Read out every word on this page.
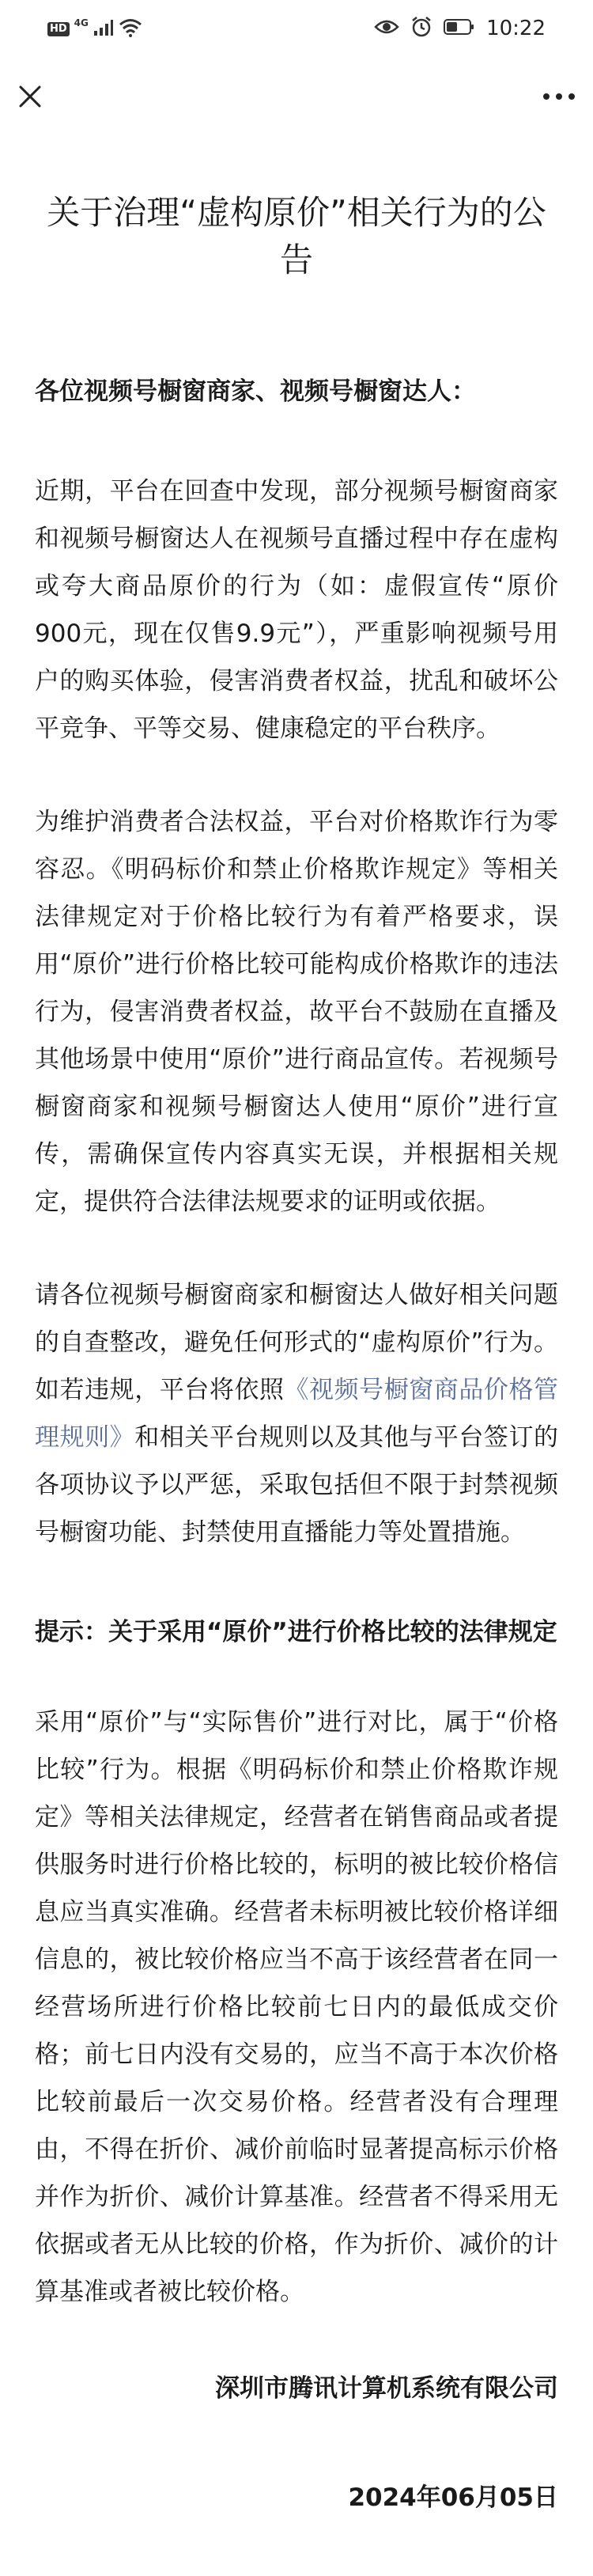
HD 4G	10:22
关于治理“虚构原价”相关行为的公告

各位视频号橱窗商家、视频号橱窗达人：

近期，平台在回查中发现，部分视频号橱窗商家和视频号橱窗达人在视频号直播过程中存在虚构或夸大商品原价的行为（如：虚假宣传“原价900元，现在仅售9.9元”），严重影响视频号用户的购买体验，侵害消费者权益，扰乱和破坏公平竞争、平等交易、健康稳定的平台秩序。

为维护消费者合法权益，平台对价格欺诈行为零容忍。《明码标价和禁止价格欺诈规定》等相关法律规定对于价格比较行为有着严格要求，误用“原价”进行价格比较可能构成价格欺诈的违法行为，侵害消费者权益，故平台不鼓励在直播及其他场景中使用“原价”进行商品宣传。若视频号橱窗商家和视频号橱窗达人使用“原价”进行宣传，需确保宣传内容真实无误，并根据相关规定，提供符合法律法规要求的证明或依据。

请各位视频号橱窗商家和橱窗达人做好相关问题的自查整改，避免任何形式的“虚构原价”行为。如若违规，平台将依照《视频号橱窗商品价格管理规则》和相关平台规则以及其他与平台签订的各项协议予以严惩，采取包括但不限于封禁视频号橱窗功能、封禁使用直播能力等处置措施。

提示：关于采用“原价”进行价格比较的法律规定

采用“原价”与“实际售价”进行对比，属于“价格比较”行为。根据《明码标价和禁止价格欺诈规定》等相关法律规定，经营者在销售商品或者提供服务时进行价格比较的，标明的被比较价格信息应当真实准确。经营者未标明被比较价格详细信息的，被比较价格应当不高于该经营者在同一经营场所进行价格比较前七日内的最低成交价格；前七日内没有交易的，应当不高于本次价格比较前最后一次交易价格。经营者没有合理理由，不得在折价、减价前临时显著提高标示价格并作为折价、减价计算基准。经营者不得采用无依据或者无从比较的价格，作为折价、减价的计算基准或者被比较价格。

深圳市腾讯计算机系统有限公司

2024年06月05日
